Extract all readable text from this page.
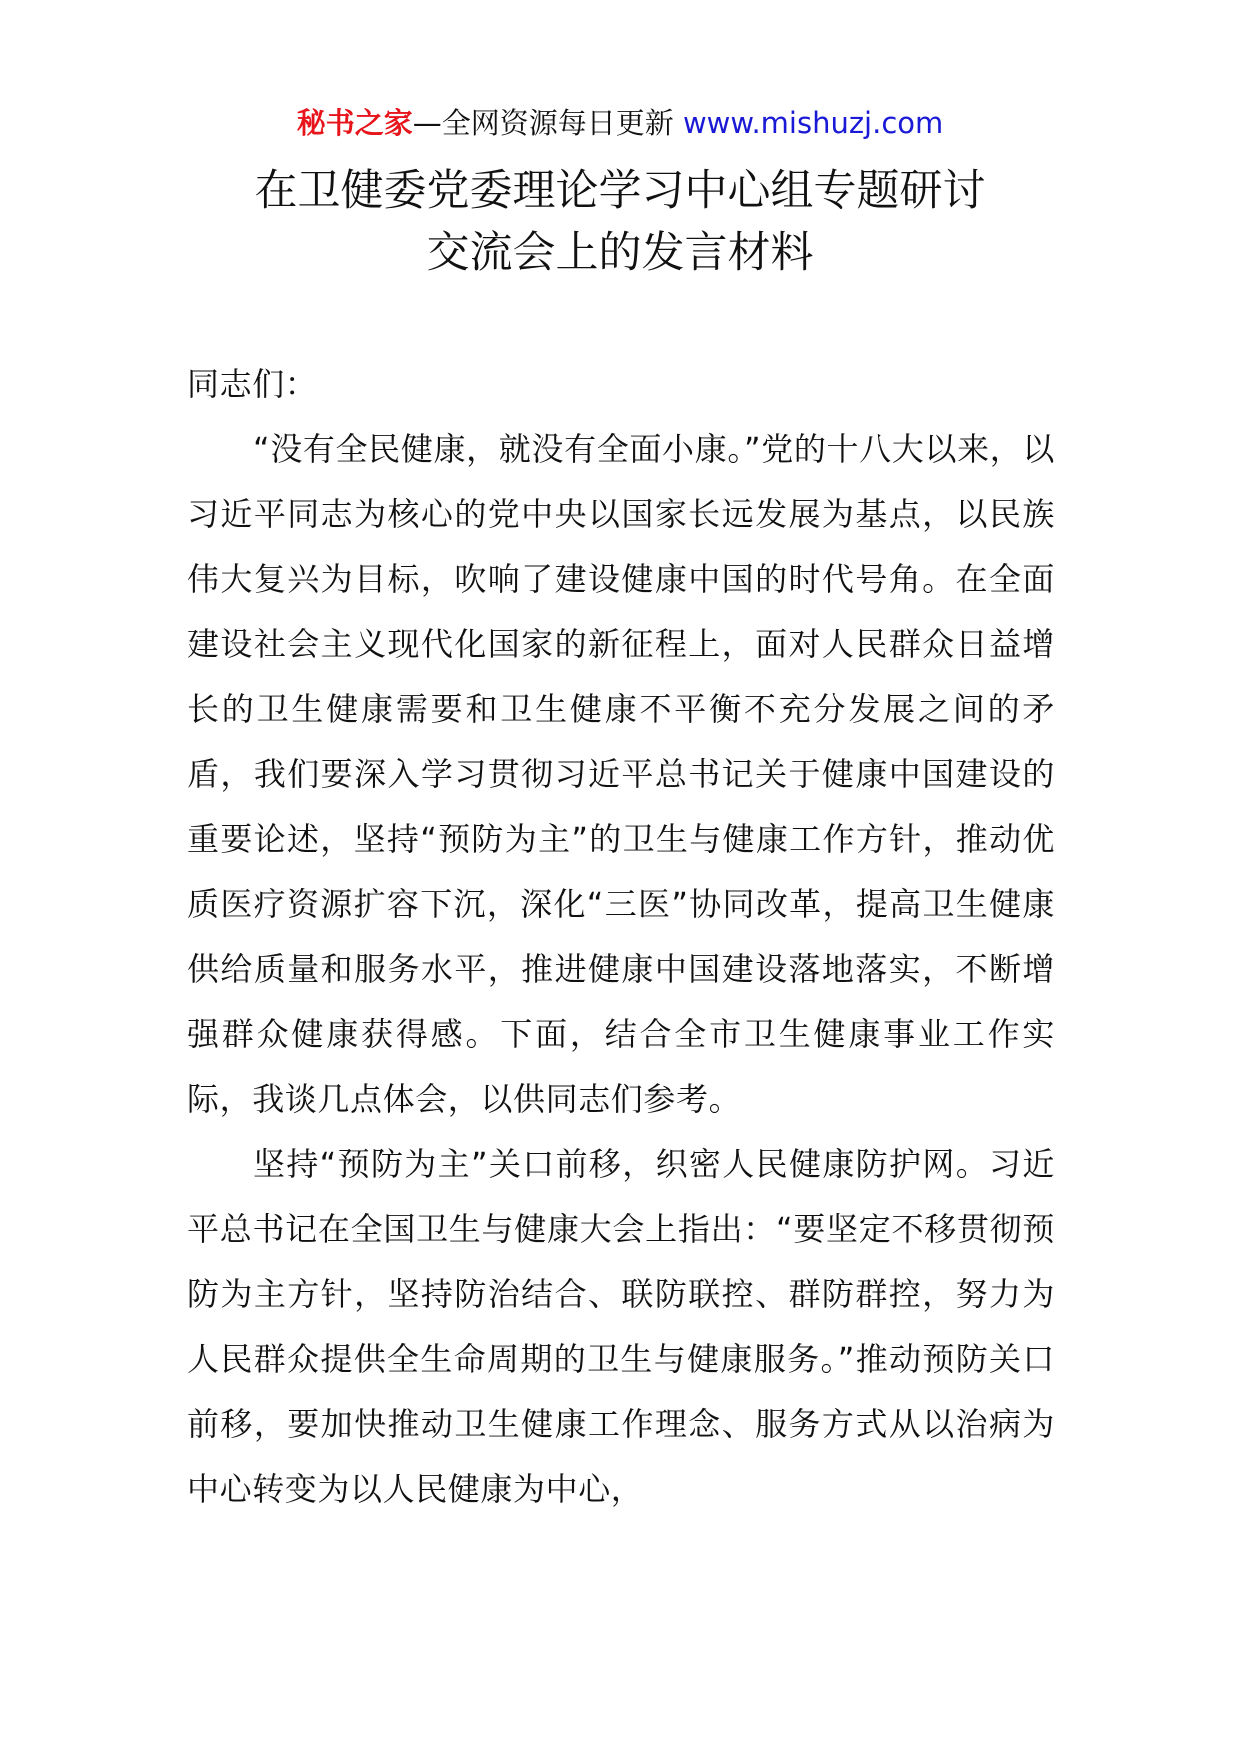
秘书之家—全网资源每日更新 www.mishuzj.com
在卫健委党委理论学习中心组专题研讨
交流会上的发言材料

同志们：

“没有全民健康，就没有全面小康。”党的十八大以来，以习近平同志为核心的党中央以国家长远发展为基点，以民族伟大复兴为目标，吹响了建设健康中国的时代号角。在全面建设社会主义现代化国家的新征程上，面对人民群众日益增长的卫生健康需要和卫生健康不平衡不充分发展之间的矛盾，我们要深入学习贯彻习近平总书记关于健康中国建设的重要论述，坚持“预防为主”的卫生与健康工作方针，推动优质医疗资源扩容下沉，深化“三医”协同改革，提高卫生健康供给质量和服务水平，推进健康中国建设落地落实，不断增强群众健康获得感。下面，结合全市卫生健康事业工作实际，我谈几点体会，以供同志们参考。

坚持“预防为主”关口前移，织密人民健康防护网。习近平总书记在全国卫生与健康大会上指出：“要坚定不移贯彻预防为主方针，坚持防治结合、联防联控、群防群控，努力为人民群众提供全生命周期的卫生与健康服务。”推动预防关口前移，要加快推动卫生健康工作理念、服务方式从以治病为中心转变为以人民健康为中心，
